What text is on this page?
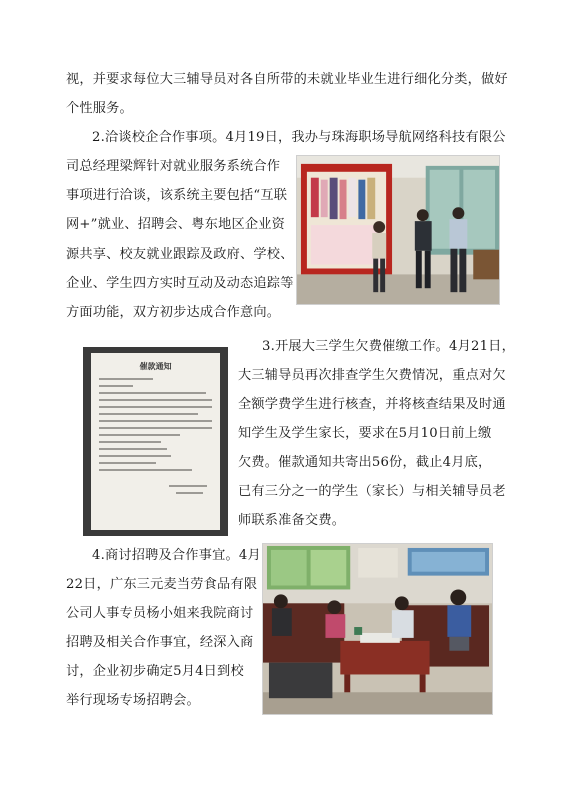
视，并要求每位大三辅导员对各自所带的未就业毕业生进行细化分类，做好
个性服务。
2.洽谈校企合作事项。4月19日，我办与珠海职场导航网络科技有限公
司总经理梁辉针对就业服务系统合作
事项进行洽谈，该系统主要包括“互联
网+”就业、招聘会、粤东地区企业资
源共享、校友就业跟踪及政府、学校、
企业、学生四方实时互动及动态追踪等
方面功能，双方初步达成合作意向。
催款通知
3.开展大三学生欠费催缴工作。4月21日，
大三辅导员再次排查学生欠费情况，重点对欠
全额学费学生进行核查，并将核查结果及时通
知学生及学生家长，要求在5月10日前上缴
欠费。催款通知共寄出56份，截止4月底，
已有三分之一的学生（家长）与相关辅导员老
师联系准备交费。
4.商讨招聘及合作事宜。4月
22日，广东三元麦当劳食品有限
公司人事专员杨小姐来我院商讨
招聘及相关合作事宜，经深入商
讨，企业初步确定5月4日到校
举行现场专场招聘会。
